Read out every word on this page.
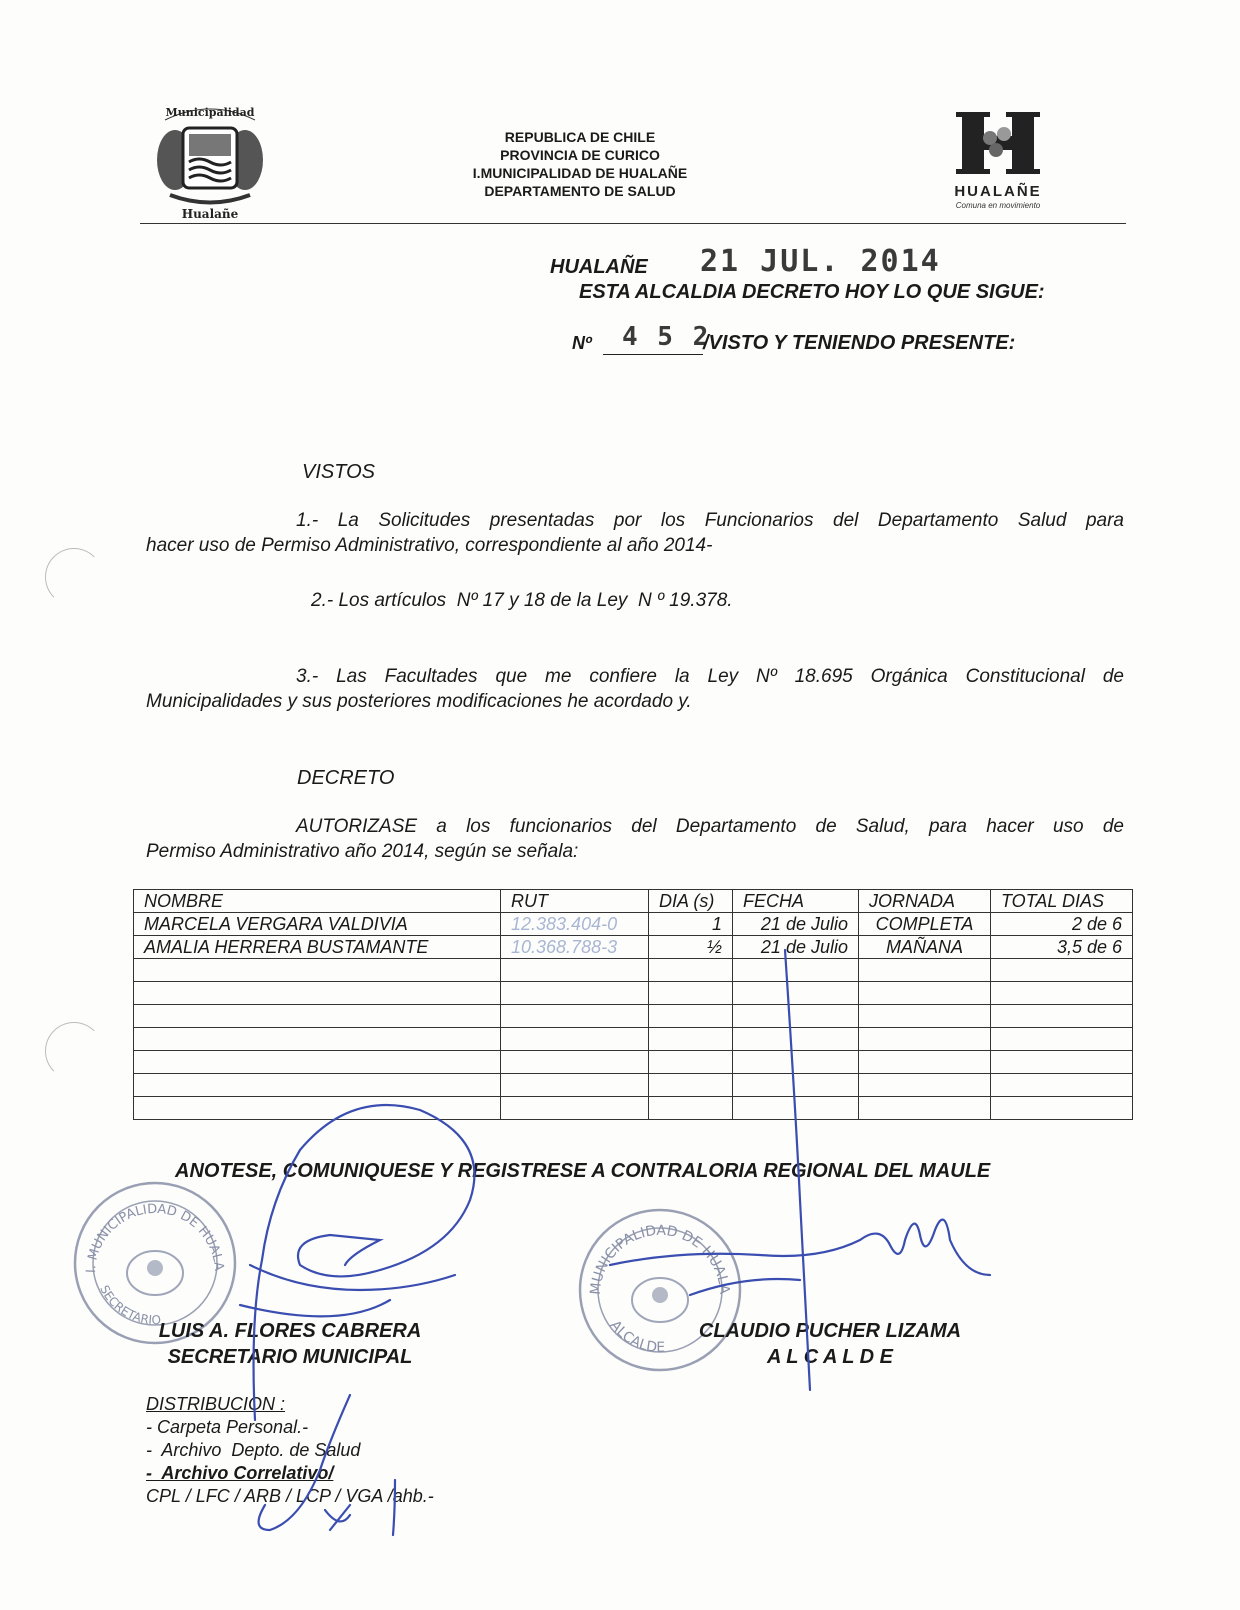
Municipalidad
Hualañe
REPUBLICA DE CHILE
PROVINCIA DE CURICO
I.MUNICIPALIDAD DE HUALAÑE
DEPARTAMENTO DE SALUD	HUALAÑE
Comuna en movimiento
HUALAÑE 21 JUL. 2014
ESTA ALCALDIA DECRETO HOY LO QUE SIGUE:
Nº 4 5 2
/VISTO Y TENIENDO PRESENTE:
VISTOS
1.- La Solicitudes presentadas por los Funcionarios del Departamento Salud para
hacer uso de Permiso Administrativo, correspondiente al año 2014-
2.- Los artículos  Nº 17 y 18 de la Ley  N º 19.378.
3.- Las Facultades que me confiere la Ley Nº 18.695 Orgánica Constitucional de
Municipalidades y sus posteriores modificaciones he acordado y.
DECRETO
AUTORIZASE a los funcionarios del Departamento de Salud, para hacer uso de
Permiso Administrativo año 2014, según se señala:
NOMBRE	RUT	DIA (s)	FECHA	JORNADA	TOTAL DIAS
MARCELA VERGARA VALDIVIA	12.383.404-0	1	21 de Julio	COMPLETA	2 de 6
AMALIA HERRERA BUSTAMANTE	10.368.788-3	½	21 de Julio	MAÑANA	3,5 de 6

ANOTESE, COMUNIQUESE Y REGISTRESE A CONTRALORIA REGIONAL DEL MAULE
I. MUNICIPALIDAD DE HUALA
SECRETARIO
MUNICIPALIDAD DE HUALA
ALCALDE
LUIS A. FLORES CABRERA
SECRETARIO MUNICIPAL
CLAUDIO PUCHER LIZAMA
A L C A L D E
DISTRIBUCION :
- Carpeta Personal.-
-  Archivo  Depto. de Salud
-  Archivo Correlativo/
CPL / LFC / ARB / LCP / VGA /ahb.-
